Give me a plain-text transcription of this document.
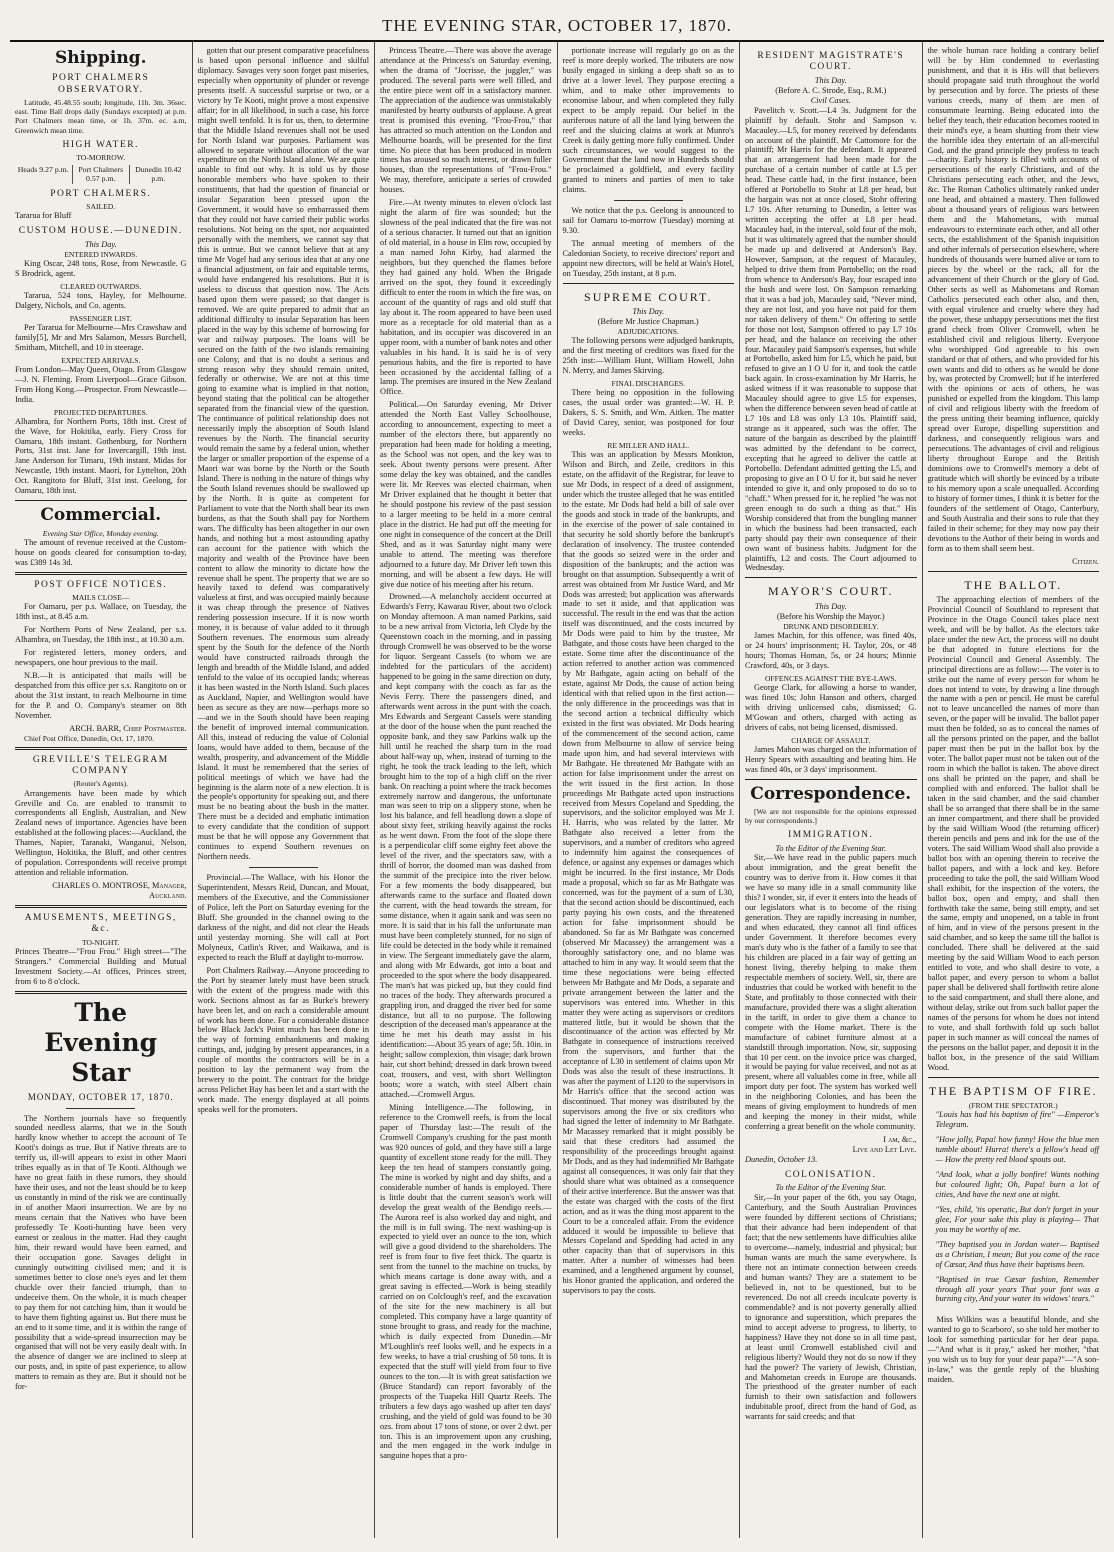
THE EVENING STAR, OCTOBER 17, 1870.
Shipping.
PORT CHALMERS OBSERVATORY.

Latitude, 45.48.55 south; longitude, 11h. 3m. 36sec. east. Time Ball drops daily (Sundays excepted) at p.m. Port Chalmers mean time, or 1h. 37m. ec. a.m, Greenwich mean time.

HIGH WATER.
TO-MORROW.
Heads 9.27 p.m.	Port Chalmers 0.57 p.m.
Dunedin 10.42 p.m.
PORT CHALMERS.
SAILED.

Tararua for Bluff

CUSTOM HOUSE.—DUNEDIN.
This Day.
ENTERED INWARDS.

King Oscar, 248 tons, Rose, from Newcastle. G S Brodrick, agent.

CLEARED OUTWARDS.

Tararua, 524 tons, Hayley, for Melbourne. Dalgety, Nichols, and Co. agents.

PASSENGER LIST.

Per Tararua for Melbourne—Mrs Crawshaw and family[5], Mr and Mrs Salamon, Messrs Burchell, Smitham, Mitchell, and 10 in steerage.

EXPECTED ARRIVALS.

From London—May Queen, Otago. From Glasgow—J. N. Fleming. From Liverpool—Grace Gibson. From Hong Kong.—Prospector. From Newcastle—India.

PROJECTED DEPARTURES.

Alhambra, for Northern Ports, 18th inst. Crest of the Wave, for Hokitika, early. Fiery Cross for Oamaru, 18th instant. Gothenburg, for Northern Ports, 31st inst. Jane for Invercargill, 19th inst. Jane Anderson for Timaru, 19th instant. Midas for Newcastle, 19th instant. Maori, for Lyttelton, 20th Oct. Rangitoto for Bluff, 31st inst. Geelong, for Oamaru, 18th inst.

Commercial.
Evening Star Office, Monday evening.

The amount of revenue received at the Custom-house on goods cleared for consumption to-day, was £389 14s 3d.

POST OFFICE NOTICES.
MAILS CLOSE—

For Oamaru, per p.s. Wallace, on Tuesday, the 18th inst., at 8.45 a.m.

For Northern Ports of New Zealand, per s.s. Alhambra, on Tuesday, the 18th inst., at 10.30 a.m.

For registered letters, money orders, and newspapers, one hour previous to the mail.

N.B.—It is anticipated that mails will be despatched from this office per s.s. Rangitoto on or about the 31st instant, to reach Melbourne in time for the P. and O. Company's steamer on 8th November.

ARCH. BARR, Chief Postmaster.

Chief Post Office, Dunedin, Oct. 17, 1870.

GREVILLE'S TELEGRAM COMPANY
(Reuter's Agents).

Arrangements have been made by which Greville and Co. are enabled to transmit to correspondents all English, Australian, and New Zealand news of importance. Agencies have been established at the following places:—Auckland, the Thames, Napier, Taranaki, Wanganui, Nelson, Wellington, Hokitika, the Bluff, and other centres of population. Correspondents will receive prompt attention and reliable information.

CHARLES O. MONTROSE, Manager, Auckland.
AMUSEMENTS, MEETINGS, &c.
TO-NIGHT.

Princes Theatre—"Frou Frou." High street—"The Strangers." Commercial Building and Mutual Investment Society.—At offices, Princes street, from 6 to 8 o'clock.

The Evening Star
MONDAY, OCTOBER 17, 1870.

The Northern journals have so frequently sounded needless alarms, that we in the South hardly know whether to accept the account of Te Kooti's doings as true. But if Native threats are to terrify us, ill-will appears to exist in other Maori tribes equally as in that of Te Kooti. Although we have no great faith in these rumors, they should have their uses, and not the least should be to keep us constantly in mind of the risk we are continually in of another Maori insurrection. We are by no means certain that the Natives who have been professedly Te Kooti-hunting have been very earnest or zealous in the matter. Had they caught him, their reward would have been earned, and their occupation gone. Savages delight in cunningly outwitting civilised men; and it is sometimes better to close one's eyes and let them chuckle over their fancied triumph, than to undeceive them. On the whole, it is much cheaper to pay them for not catching him, than it would be to have them fighting against us. But there must be an end to it some time, and it is within the range of possibility that a wide-spread insurrection may be organised that will not be very easily dealt with. In the absence of danger we are inclined to sleep at our posts, and, in spite of past experience, to allow matters to remain as they are. But it should not be for-

gotten that our present comparative peacefulness is based upon personal influence and skilful diplomacy. Savages very soon forget past miseries, especially when opportunity of plunder or revenge presents itself. A successful surprise or two, or a victory by Te Kooti, might prove a most expensive affair; for in all likelihood, in such a case, his force might swell tenfold. It is for us, then, to determine that the Middle Island revenues shall not be used for North Island war purposes. Parliament was allowed to separate without allocation of the war expenditure on the North Island alone. We are quite unable to find out why. It is told us by those honorable members who have spoken to their constituents, that had the question of financial or insular Separation been pressed upon the Government, it would have so embarrassed them that they could not have carried their public works resolutions. Not being on the spot, nor acquainted personally with the members, we cannot say that this is untrue. But we cannot believe that at any time Mr Vogel had any serious idea that at any one a financial adjustment, on fair and equitable terms, would have endangered his resolutions. But it is useless to discuss that question now. The Acts based upon them were passed; so that danger is removed. We are quite prepared to admit that an additional difficulty to insular Separation has been placed in the way by this scheme of borrowing for war and railway purposes. The loans will be secured on the faith of the two islands remaining one Colony, and that is no doubt a serious and strong reason why they should remain united, federally or otherwise. We are not at this time going to examine what is implied in that notion, beyond stating that the political can be altogether separated from the financial view of the question. The continuance of political relationship does not necessarily imply the absorption of South Island revenues by the North. The financial security would remain the same by a federal union, whether the larger or smaller proportion of the expense of a Maori war was borne by the North or the South Island. There is nothing in the nature of things why the South Island revenues should be swallowed up by the North. It is quite as competent for Parliament to vote that the North shall bear its own burdens, as that the South shall pay for Northern wars. The difficulty has been altogether in our own hands, and nothing but a most astounding apathy can account for the patience with which the majority and wealth of the Province have been content to allow the minority to dictate how the revenue shall be spent. The property that we are so heavily taxed to defend was comparatively valueless at first, and was occupied mainly because it was cheap through the presence of Natives rendering possession insecure. If it is now worth money, it is because of value added to it through Southern revenues. The enormous sum already spent by the South for the defence of the North would have constructed railroads through the length and breadth of the Middle Island, and added tenfold to the value of its occupied lands; whereas it has been wasted in the North Island. Such places as Auckland, Napier, and Wellington would have been as secure as they are now—perhaps more so—and we in the South should have been reaping the benefit of improved internal communication. All this, instead of reducing the value of Colonial loans, would have added to them, because of the wealth, prosperity, and advancement of the Middle Island. It must be remembered that the series of political meetings of which we have had the beginning is the alarm note of a new election. It is the people's opportunity for speaking out, and there must be no beating about the bush in the matter. There must be a decided and emphatic intimation to every candidate that the condition of support must be that he will oppose any Government that continues to expend Southern revenues on Northern needs.

Provincial.—The Wallace, with his Honor the Superintendent, Messrs Reid, Duncan, and Mouat, members of the Executive, and the Commissioner of Police, left the Port on Saturday evening for the Bluff. She grounded in the channel owing to the darkness of the night, and did not clear the Heads until yesterday morning. She will call at Port Molyneux, Catlin's River, and Waikawa, and is expected to reach the Bluff at daylight to-morrow.

Port Chalmers Railway.—Anyone proceeding to the Port by steamer lately must have been struck with the extent of the progress made with this work. Sections almost as far as Burke's brewery have been let, and on each a considerable amount of work has been done. For a considerable distance below Black Jack's Point much has been done in the way of forming embankments and making cuttings, and, judging by present appearances, in a couple of months the contractors will be in a position to lay the permanent way from the brewery to the point. The contract for the bridge across Pelichet Bay has been let and a start with the work made. The energy displayed at all points speaks well for the promoters.

Princess Theatre.—There was above the average attendance at the Princess's on Saturday evening, when the drama of "Jocrisse, the juggler," was produced. The several parts were well filled, and the entire piece went off in a satisfactory manner. The appreciation of the audience was unmistakably manifested by hearty outbursts of applause. A great treat is promised this evening. "Frou-Frou," that has attracted so much attention on the London and Melbourne boards, will be presented for the first time. No piece that has been produced in modern times has aroused so much interest, or drawn fuller houses, than the representations of "Frou-Frou." We may, therefore, anticipate a series of crowded houses.

Fire.—At twenty minutes to eleven o'clock last night the alarm of fire was sounded; but the slowness of the peal indicated that the fire was not of a serious character. It turned out that an ignition of old material, in a house in Elm row, occupied by a man named John Kirby, had alarmed the neighbors, but they quenched the flames before they had gained any hold. When the Brigade arrived on the spot, they found it exceedingly difficult to enter the room in which the fire was, on account of the quantity of rags and old stuff that lay about it. The room appeared to have been used more as a receptacle for old material than as a habitation, and its occupier was discovered in an upper room, with a number of bank notes and other valuables in his hand. It is said he is of very penurious habits, and the fire is reported to have been occasioned by the accidental falling of a lamp. The premises are insured in the New Zealand Office.

Political.—On Saturday evening, Mr Driver attended the North East Valley Schoolhouse, according to announcement, expecting to meet a number of the electors there, but apparently no preparation had been made for holding a meeting, as the School was not open, and the key was to seek. About twenty persons were present. After some delay the key was obtained, and the candles were lit. Mr Reeves was elected chairman, when Mr Driver explained that he thought it better that he should postpone his review of the past session to a larger meeting to be held in a more central place in the district. He had put off the meeting for one night in consequence of the concert at the Drill Shed, and as it was Saturday night many were unable to attend. The meeting was therefore adjourned to a future day. Mr Driver left town this morning, and will be absent a few days. He will give due notice of his meeting after his return.

Drowned.—A melancholy accident occurred at Edwards's Ferry, Kawarau River, about two o'clock on Monday afternoon. A man named Parkins, said to be a new arrival from Victoria, left Clyde by the Queenstown coach in the morning, and in passing through Cromwell he was observed to be the worse for liquor. Sergeant Cassels (to whom we are indebted for the particulars of the accident) happened to be going in the same direction on duty, and kept company with the coach as far as the Nevis Ferry. There the passengers dined, and afterwards went across in the punt with the coach. Mrs Edwards and Sergeant Cassels were standing at the door of the house when the punt reached the opposite bank, and they saw Parkins walk up the hill until he reached the sharp turn in the road about half-way up, when, instead of turning to the right, he took the track leading to the left, which brought him to the top of a high cliff on the river bank. On reaching a point where the track becomes extremely narrow and dangerous, the unfortunate man was seen to trip on a slippery stone, when he lost his balance, and fell headlong down a slope of about sixty feet, striking heavily against the rocks as he went down. From the foot of the slope there is a perpendicular cliff some eighty feet above the level of the river, and the spectators saw, with a thrill of horror, the doomed man was dashed from the summit of the precipice into the river below. For a few moments the body disappeared, but afterwards came to the surface and floated down the current, with the head towards the stream, for some distance, when it again sank and was seen no more. It is said that in his fall the unfortunate man must have been completely stunned, for no sign of life could be detected in the body while it remained in view. The Sergeant immediately gave the alarm, and along with Mr Edwards, got into a boat and proceeded to the spot where the body disappeared. The man's hat was picked up, but they could find no traces of the body. They afterwards procured a grappling iron, and dragged the river bed for some distance, but all to no purpose. The following description of the deceased man's appearance at the time he met his death may assist in his identification:—About 35 years of age; 5ft. 10in. in height; sallow complexion, thin visage; dark brown hair, cut short behind; dressed in dark brown tweed coat, trousers, and vest, with short Wellington boots; wore a watch, with steel Albert chain attached.—Cromwell Argus.

Mining Intelligence.—The following, in reference to the Cromwell reefs, is from the local paper of Thursday last:—The result of the Cromwell Company's crushing for the past month was 920 ounces of gold, and they have still a large quantity of excellent stone ready for the mill. They keep the ten head of stampers constantly going. The mine is worked by night and day shifts, and a considerable number of hands is employed. There is little doubt that the current season's work will develop the great wealth of the Bendigo reefs.—The Aurora reef is also worked day and night, and the mill is in full swing. The next washing-up is expected to yield over an ounce to the ton, which will give a good dividend to the shareholders. The reef is from four to five feet thick. The quartz is sent from the tunnel to the machine on trucks, by which means cartage is done away with, and a great saving is effected.—Work is being steadily carried on on Colclough's reef, and the excavation of the site for the new machinery is all but completed. This company have a large quantity of stone brought to grass, and ready for the machine, which is daily expected from Dunedin.—Mr M'Loughlin's reef looks well, and he expects in a few weeks, to have a trial crushing of 50 tons. It is expected that the stuff will yield from four to five ounces to the ton.—It is with great satisfaction we (Bruce Standard) can report favorably of the prospects of the Tuapeka Hill Quartz Reefs. The tributers a few days ago washed up after ten days' crushing, and the yield of gold was found to be 30 ozs. from about 17 tons of stone, or over 2 dwt. per ton. This is an improvement upon any crushing, and the men engaged in the work indulge in sanguine hopes that a pro-

portionate increase will regularly go on as the reef is more deeply worked. The tributers are now busily engaged in sinking a deep shaft so as to drive at a lower level. They purpose erecting a whim, and to make other improvements to economise labour, and when completed they fully expect to be amply repaid. Our belief in the auriferous nature of all the land lying between the reef and the sluicing claims at work at Munro's Creek is daily getting more fully confirmed. Under such circumstances, we would suggest to the Government that the land now in Hundreds should be proclaimed a goldfield, and every facility granted to miners and parties of men to take claims.

We notice that the p.s. Geelong is announced to sail for Oamaru to-morrow (Tuesday) morning at 9.30.

The annual meeting of members of the Caledonian Society, to receive directors' report and appoint new directors, will be held at Wain's Hotel, on Tuesday, 25th instant, at 8 p.m.

SUPREME COURT.
This Day.
(Before Mr Justice Chapman.)
ADJUDICATIONS.

The following persons were adjudged bankrupts, and the first meeting of creditors was fixed for the 25th inst:—William Hunt, William Howell, John N. Merry, and James Skirving.

FINAL DISCHARGES.

There being no opposition in the following cases, the usual order was granted:—W. H. P. Dakers, S. S. Smith, and Wm. Aitken. The matter of David Carey, senior, was postponed for four weeks.

RE MILLER AND HALL.

This was an application by Messrs Monkton, Wilson and Birch, and Zeile, creditors in this estate, on the affidavit of the Registrar, for leave to sue Mr Dods, in respect of a deed of assignment, under which the trustee alleged that he was entitled to the estate. Mr Dods had held a bill of sale over the goods and stock in trade of the bankrupts, and in the exercise of the power of sale contained in that security he sold shortly before the bankrupt's declaration of insolvency. The trustee contended that the goods so seized were in the order and disposition of the bankrupts; and the action was brought on that assumption. Subsequently a writ of arrest was obtained from Mr Justice Ward, and Mr Dods was arrested; but application was afterwards made to set it aside, and that application was successful. The result in the end was that the action itself was discontinued, and the costs incurred by Mr Dods were paid to him by the trustee, Mr Bathgate, and those costs have been charged to the estate. Some time after the discontinuance of the action referred to another action was commenced by Mr Bathgate, again acting on behalf of the estate, against Mr Dods, the cause of action being identical with that relied upon in the first action—the only difference in the proceedings was that in the second action a technical difficulty which existed in the first was obviated. Mr Dods hearing of the commencement of the second action, came down from Melbourne to allow of service being made upon him, and had several interviews with Mr Bathgate. He threatened Mr Bathgate with an action for false imprisonment under the arrest on the writ issued in the first action. In those proceedings Mr Bathgate acted upon instructions received from Messrs Copeland and Spedding, the supervisors, and the solicitor employed was Mr J. H. Harris, who was related by the latter. Mr Bathgate also received a letter from the supervisors, and a number of creditors who agreed to indemnify him against the consequences of defence, or against any expenses or damages which might be incurred. In the first instance, Mr Dods made a proposal, which so far as Mr Bathgate was concerned, was for the payment of a sum of L30, that the second action should be discontinued, each party paying his own costs, and the threatened action for false imprisonment should be abandoned. So far as Mr Bathgate was concerned (observed Mr Macassey) the arrangement was a thoroughly satisfactory one, and no blame was attached to him in any way. It would seem that the time these negociations were being effected between Mr Bathgate and Mr Dods, a separate and private arrangement between the latter and the supervisors was entered into. Whether in this matter they were acting as supervisors or creditors mattered little, but it would be shown that the discontinuance of the action was effected by Mr Bathgate in consequence of instructions received from the supervisors, and further that the acceptance of L30 in settlement of claims upon Mr Dods was also the result of these instructions. It was after the payment of L120 to the supervisors in Mr Harris's office that the second action was discontinued. That money was distributed by the supervisors among the five or six creditors who had signed the letter of indemnity to Mr Bathgate. Mr Macassey remarked that it might possibly be said that these creditors had assumed the responsibility of the proceedings brought against Mr Dods, and as they had indemnified Mr Bathgate against all consequences, it was only fair that they should share what was obtained as a consequence of their active interference. But the answer was that the estate was charged with the costs of the first action, and as it was the thing most apparent to the Court to be a concealed affair. From the evidence adduced it would be impossible to believe that Messrs Copeland and Spedding had acted in any other capacity than that of supervisors in this matter. After a number of witnesses had been examined, and a lengthened argument by counsel, his Honor granted the application, and ordered the supervisors to pay the costs.

RESIDENT MAGISTRATE'S COURT.
This Day.
(Before A. C. Strode, Esq., R.M.)
Civil Cases.

Pavelitch v. Scott.—L4 3s. Judgment for the plaintiff by default. Stohr and Sampson v. Macauley.—L5, for money received by defendants on account of the plaintiff. Mr Cattomore for the plaintiff; Mr Harris for the defendant. It appeared that an arrangement had been made for the purchase of a certain number of cattle at L5 per head. These cattle had, in the first instance, been offered at Portobello to Stohr at L8 per head, but the bargain was not at once closed, Stohr offering L7 10s. After returning to Dunedin, a letter was written accepting the offer at L8 per head. Macauley had, in the interval, sold four of the mob, but it was ultimately agreed that the number should be made up and delivered at Anderson's Bay. However, Sampson, at the request of Macauley, helped to drive them from Portobello; on the road from whence to Anderson's Bay, four escaped into the bush and were lost. On Sampson remarking that it was a bad job, Macauley said, "Never mind, they are not lost, and you have not paid for them nor taken delivery of them." On offering to settle for those not lost, Sampson offered to pay L7 10s per head, and the balance on receiving the other four. Macauley paid Sampson's expenses, but while at Portobello, asked him for L5, which he paid, but refused to give an I O U for it, and took the cattle back again. In cross-examination by Mr Harris, he asked witness if it was reasonable to suppose that Macauley should agree to give L5 for expenses, when the difference between seven head of cattle at L7 10s and L8 was only L3 10s. Plaintiff said, strange as it appeared, such was the offer. The nature of the bargain as described by the plaintiff was admitted by the defendant to be correct, excepting that he agreed to deliver the cattle at Portobello. Defendant admitted getting the L5, and proposing to give an I O U for it, but said he never intended to give it, and only proposed to do so to "chaff." When pressed for it, he replied "he was not green enough to do such a thing as that." His Worship considered that from the bungling manner in which the business had been transacted, each party should pay their own consequence of their own want of business habits. Judgment for the plaintiffs, L2 and costs. The Court adjourned to Wednesday.

MAYOR'S COURT.
This Day.
(Before his Worship the Mayor.)
DRUNK AND DISORDERLY.

James Machin, for this offence, was fined 40s, or 24 hours' imprisonment; H. Taylor, 20s, or 48 hours; Thomas Homan, 5s, or 24 hours; Minnie Crawford, 40s, or 3 days.

OFFENCES AGAINST THE BYE-LAWS.

George Clark, for allowing a horse to wander, was fined 10s; John Hanson and others, charged with driving unlicensed cabs, dismissed; G. M'Gowan and others, charged with acting as drivers of cabs, not being licensed, dismissed.

CHARGE OF ASSAULT.

James Mahon was charged on the information of Henry Spears with assaulting and beating him. He was fined 40s, or 3 days' imprisonment.

Correspondence.

[We are not responsible for the opinions expressed by our correspondents.]

IMMIGRATION.
To the Editor of the Evening Star.

Sir,—We have read in the public papers much about immigration, and the great benefit the country was to derive from it. How comes it that we have so many idle in a small community like this? I wonder, sir, if ever it enters into the heads of our legislators what is to become of the rising generation. They are rapidly increasing in number, and when educated, they cannot all find offices under Government. It therefore becomes every man's duty who is the father of a family to see that his children are placed in a fair way of getting an honest living, thereby helping to make them respectable members of society. Well, sir, there are industries that could be worked with benefit to the State, and profitably to those connected with their manufacture, provided there was a slight alteration in the tariff, in order to give them a chance to compete with the Home market. There is the manufacture of cabinet furniture almost at a standstill through importation. Now, sir, supposing that 10 per cent. on the invoice price was charged, it would be paying for value received, and not as at present, where all valuables come in free, while all import duty per foot. The system has worked well in the neighboring Colonies, and has been the means of giving employment to hundreds of men and keeping the money in their midst, while conferring a great benefit on the whole community.

I am, &c.,
Live and Let Live.

Dunedin, October 13.

COLONISATION.
To the Editor of the Evening Star.

Sir,—In your paper of the 6th, you say Otago, Canterbury, and the South Australian Provinces were founded by different sections of Christians; that their advance had been independent of that fact; that the new settlements have difficulties alike to overcome—namely, industrial and physical; but human wants are much the same everywhere. Is there not an intimate connection between creeds and human wants? They are a statement to be believed in, not to be questioned, but to be reverenced. Do not all creeds inculcate poverty is commendable? and is not poverty generally allied to ignorance and superstition, which prepares the mind to accept adverse to progress, to liberty, to happiness? Have they not done so in all time past, at least until Cromwell established civil and religious liberty? Would they not do so now if they had the power? The variety of Jewish, Christian, and Mahometan creeds in Europe are thousands. The priesthood of the greater number of each furnish to their own satisfaction and followers indubitable proof, direct from the hand of God, as warrants for said creeds; and that

the whole human race holding a contrary belief will be by Him condemned to everlasting punishment, and that it is His will that believers should propagate said truth throughout the world by persecution and by force. The priests of these various creeds, many of them are men of consummate learning. Being educated into the belief they teach, their education becomes rooted in their mind's eye, a beam shutting from their view the horrible idea they entertain of an all-merciful God, and the grand principle they profess to teach—charity. Early history is filled with accounts of persecutions of the early Christians, and of the Christians persecuting each other, and the Jews, &c. The Roman Catholics ultimately ranked under one head, and obtained a mastery. Then followed about a thousand years of religious wars between them and the Mahometans, with mutual endeavours to exterminate each other, and all other sects, the establishment of the Spanish inquisition and other infernals of persecution elsewhere, where hundreds of thousands were burned alive or torn to pieces by the wheel or the rack, all for the advancement of their Church or the glory of God. Other sects as well as Mahometans and Roman Catholics persecuted each other also, and then, with equal virulence and cruelty where they had the power, these unhappy persecutions met the first grand check from Oliver Cromwell, when he established civil and religious liberty. Everyone who worshipped God agreeable to his own standard or that of others, and who provided for his own wants and did to others as he would be done by, was protected by Cromwell; but if he interfered with the opinions or acts of others, he was punished or expelled from the kingdom. This lamp of civil and religious liberty with the freedom of the press uniting their beaming influence, quickly spread over Europe, dispelling superstition and darkness, and consequently religious wars and persecutions. The advantages of civil and religious liberty throughout Europe and the British dominions owe to Cromwell's memory a debt of gratitude which will shortly be evinced by a tribute to his memory upon a scale unequalled. According to history of former times, I think it is better for the founders of the settlement of Otago, Canterbury, and South Australia and their sons to rule that they failed in their scheme; for they may now pay their devotions to the Author of their being in words and form as to them shall seem best.

Citizen.
THE BALLOT.

The approaching election of members of the Provincial Council of Southland to represent that Province in the Otago Council takes place next week, and will be by ballot. As the electors take place under the new Act, the process will no doubt be that adopted in future elections for the Provincial Council and General Assembly. The principal directions are as follow:— The voter is to strike out the name of every person for whom he does not intend to vote, by drawing a line through the name with a pen or pencil. He must be careful not to leave uncancelled the names of more than seven, or the paper will be invalid. The ballot paper must then be folded, so as to conceal the names of all the persons printed on the paper, and the ballot paper must then be put in the ballot box by the voter. The ballot paper must not be taken out of the room in which the ballot is taken. The above direct ons shall be printed on the paper, and shall be complied with and enforced. The ballot shall be taken in the said chamber, and the said chamber shall be so arranged that there shall be in the same an inner compartment, and there shall be provided by the said William Wood (the returning officer) therein pencils and pens and ink for the use of the voters. The said William Wood shall also provide a ballot box with an opening therein to receive the ballot papers, and with a lock and key. Before proceeding to take the poll, the said William Wood shall exhibit, for the inspection of the voters, the ballot box, open and empty, and shall then forthwith take the same, being still empty, and set the same, empty and unopened, on a table in front of him, and in view of the persons present in the said chamber, and so keep the same till the ballot is concluded. There shall be delivered at the said meeting by the said William Wood to each person entitled to vote, and who shall desire to vote, a ballot paper, and every person to whom a ballot paper shall be delivered shall forthwith retire alone to the said compartment, and shall there alone, and without delay, strike out from such ballot paper the names of the persons for whom he does not intend to vote, and shall forthwith fold up such ballot paper in such manner as will conceal the names of the persons on the ballot paper, and deposit it in the ballot box, in the presence of the said William Wood.

THE BAPTISM OF FIRE.
(FROM THE SPECTATOR.)

"Louis has had his baptism of fire" —Emperor's Telegram.

"How jolly, Papa! how funny! How the blue men tumble about! Hurra! there's a fellow's head off— How the pretty red blood spouts out.

"And look, what a jolly bonfire! Wants nothing but coloured light; Oh, Papa! burn a lot of cities, And have the next one at night.

"Yes, child, 'tis operatic, But don't forget in your glee, For your sake this play is playing— That you may be worthy of me.

"They baptised you in Jordan water— Baptised as a Christian, I mean; But you come of the race of Cæsar, And thus have their baptisms been.

"Baptised in true Cæsar fashion, Remember through all your years That your font was a burning city, And your water its widows' tears."

Miss Wilkins was a beautiful blonde, and she wanted to go to Scarboro', so she told her mother to look for something particular for her dear papa.—"And what is it pray," asked her mother, "that you wish us to buy for your dear papa?"—"A son-in-law," was the gentle reply of the blushing maiden.
